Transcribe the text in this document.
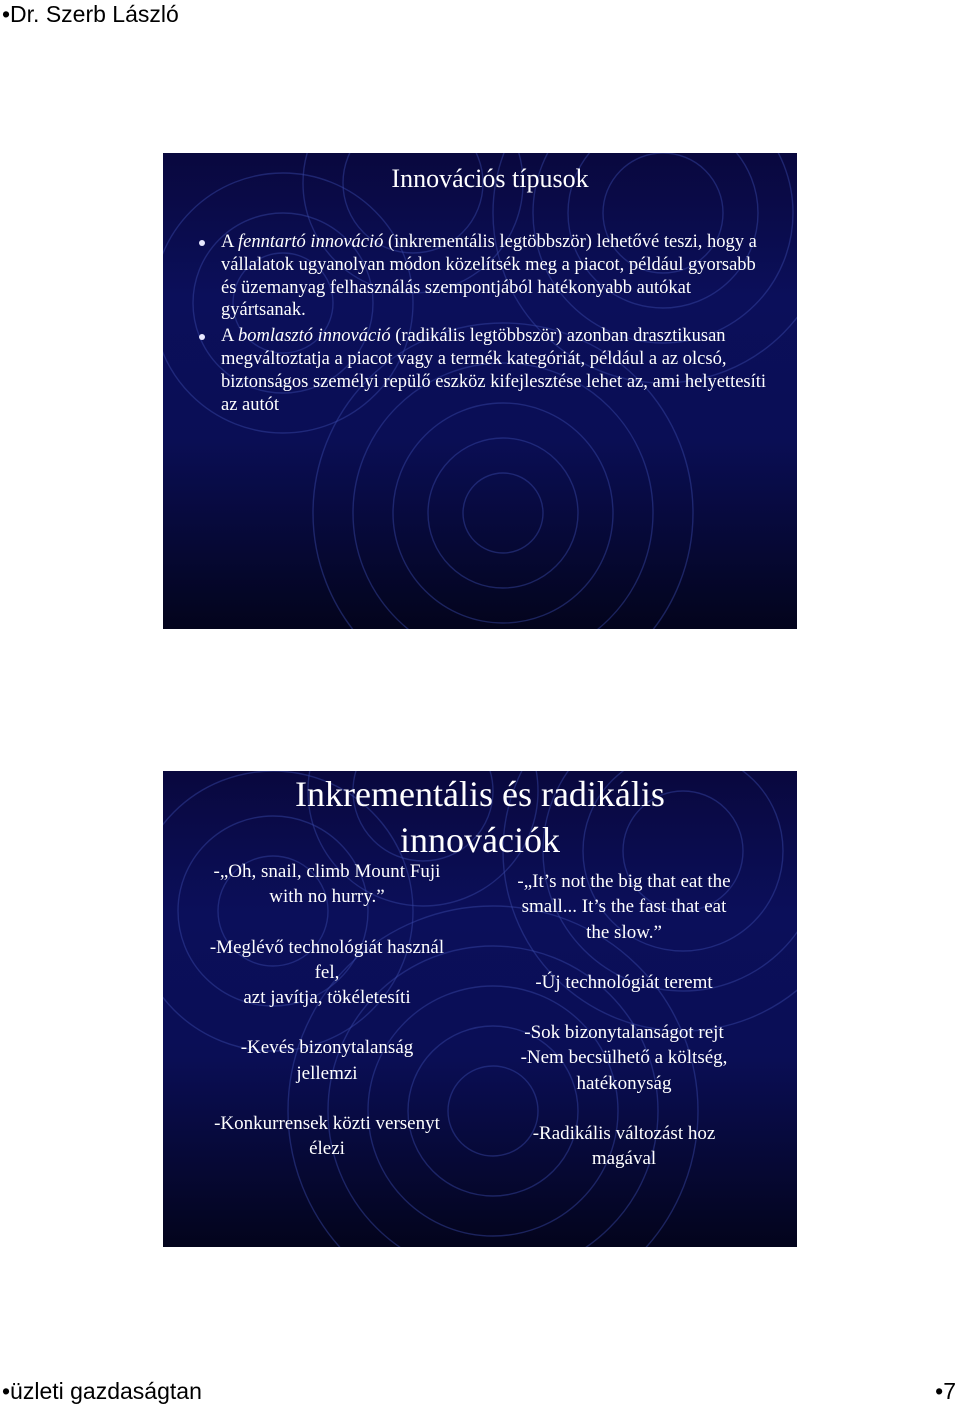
•Dr. Szerb László
Innovációs típusok
A fenntartó innováció (inkrementális legtöbbször) lehetővé teszi, hogy a vállalatok ugyanolyan módon közelítsék meg a piacot, például gyorsabb és üzemanyag felhasználás szempontjából hatékonyabb autókat gyártsanak.
A bomlasztó innováció (radikális legtöbbször) azonban drasztikusan megváltoztatja a piacot vagy a termék kategóriát, például a az olcsó, biztonságos személyi repülő eszköz kifejlesztése lehet az, ami helyettesíti az autót
Inkrementális és radikális
innovációk

-„Oh, snail, climb Mount Fuji
with no hurry.”

-Meglévő technológiát használ
fel,
azt javítja, tökéletesíti

-Kevés bizonytalanság
jellemzi

-Konkurrensek közti versenyt
élezi

-„It’s not the big that eat the
small... It’s the fast that eat
the slow.”

-Új technológiát teremt

-Sok bizonytalanságot rejt
-Nem becsülhető a költség,
hatékonyság

-Radikális változást hoz
magával

•üzleti gazdaságtan	•7
